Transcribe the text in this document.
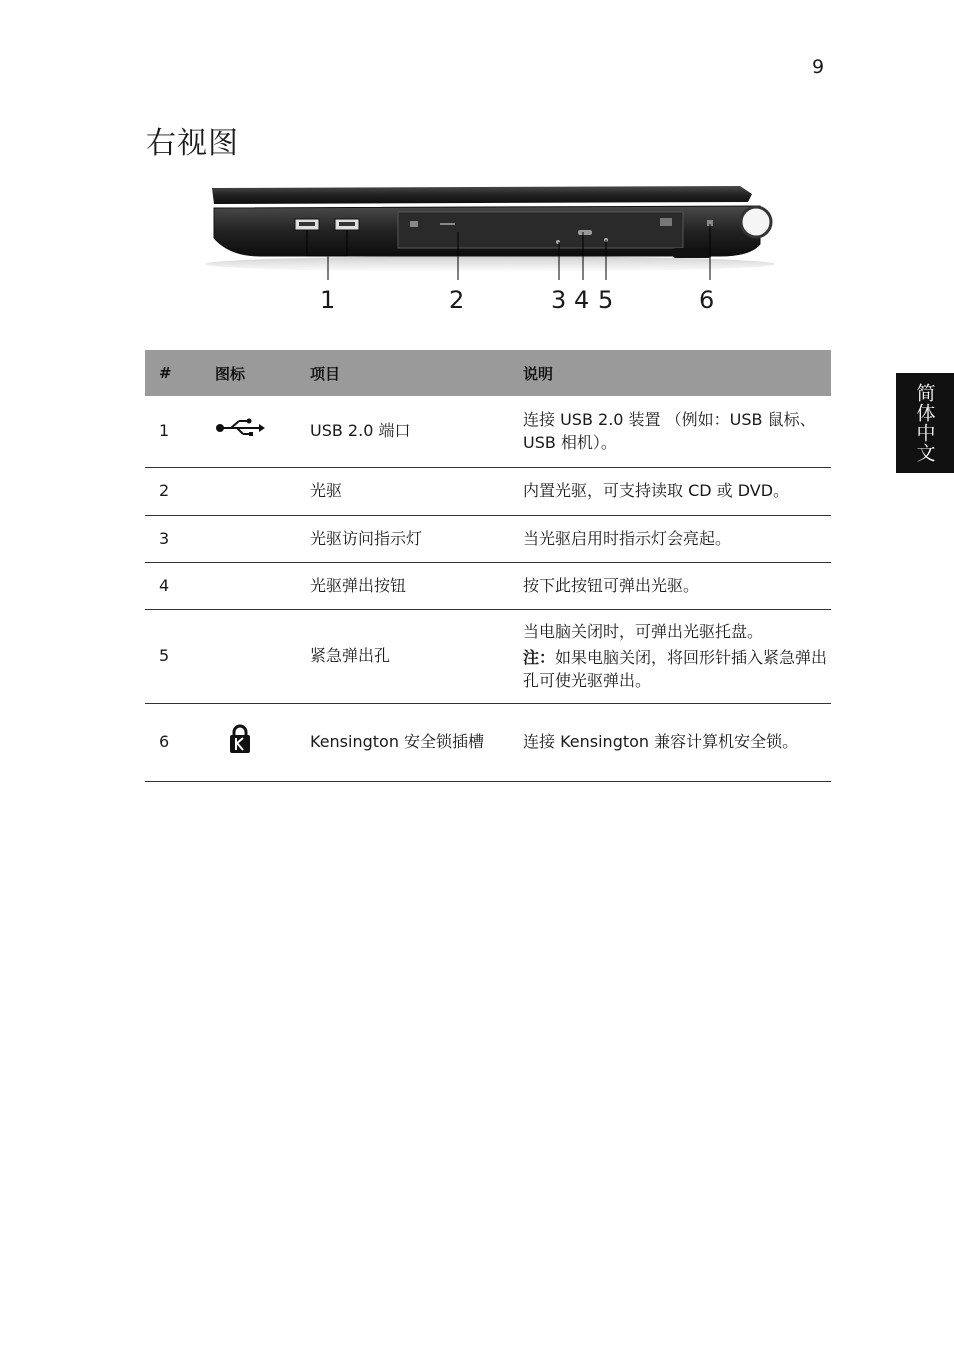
9
右视图
简体中文
1	2	3 4 5	6
#	图标	项目	说明
1		USB 2.0 端口	连接 USB 2.0 装置 （例如：USB 鼠标、USB 相机）。
2		光驱	内置光驱，可支持读取 CD 或 DVD。
3		光驱访问指示灯	当光驱启用时指示灯会亮起。
4		光驱弹出按钮	按下此按钮可弹出光驱。
5		紧急弹出孔	当电脑关闭时，可弹出光驱托盘。
注：如果电脑关闭，将回形针插入紧急弹出孔可使光驱弹出。

6		Kensington 安全锁插槽	连接 Kensington 兼容计算机安全锁。
